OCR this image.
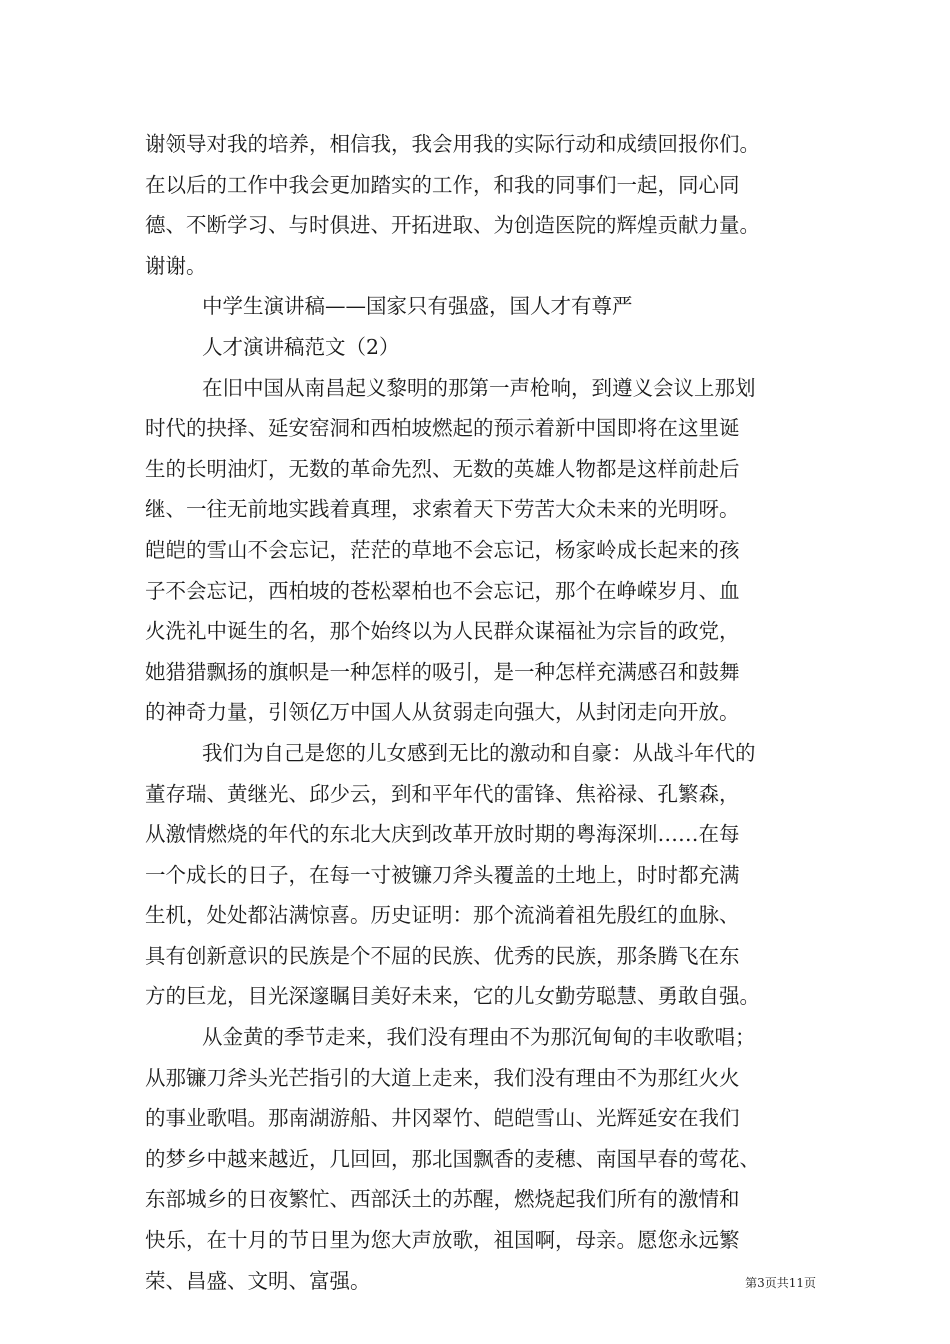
谢领导对我的培养，相信我，我会用我的实际行动和成绩回报你们。
在以后的工作中我会更加踏实的工作，和我的同事们一起，同心同
德、不断学习、与时俱进、开拓进取、为创造医院的辉煌贡献力量。
谢谢。
中学生演讲稿——国家只有强盛，国人才有尊严
人才演讲稿范文（2）
在旧中国从南昌起义黎明的那第一声枪响，到遵义会议上那划
时代的抉择、延安窑洞和西柏坡燃起的预示着新中国即将在这里诞
生的长明油灯，无数的革命先烈、无数的英雄人物都是这样前赴后
继、一往无前地实践着真理，求索着天下劳苦大众未来的光明呀。
皑皑的雪山不会忘记，茫茫的草地不会忘记，杨家岭成长起来的孩
子不会忘记，西柏坡的苍松翠柏也不会忘记，那个在峥嵘岁月、血
火洗礼中诞生的名，那个始终以为人民群众谋福祉为宗旨的政党，
她猎猎飘扬的旗帜是一种怎样的吸引，是一种怎样充满感召和鼓舞
的神奇力量，引领亿万中国人从贫弱走向强大，从封闭走向开放。
我们为自己是您的儿女感到无比的激动和自豪：从战斗年代的
董存瑞、黄继光、邱少云，到和平年代的雷锋、焦裕禄、孔繁森，
从激情燃烧的年代的东北大庆到改革开放时期的粤海深圳……在每
一个成长的日子，在每一寸被镰刀斧头覆盖的土地上，时时都充满
生机，处处都沾满惊喜。历史证明：那个流淌着祖先殷红的血脉、
具有创新意识的民族是个不屈的民族、优秀的民族，那条腾飞在东
方的巨龙，目光深邃瞩目美好未来，它的儿女勤劳聪慧、勇敢自强。
从金黄的季节走来，我们没有理由不为那沉甸甸的丰收歌唱；
从那镰刀斧头光芒指引的大道上走来，我们没有理由不为那红火火
的事业歌唱。那南湖游船、井冈翠竹、皑皑雪山、光辉延安在我们
的梦乡中越来越近，几回回，那北国飘香的麦穗、南国早春的莺花、
东部城乡的日夜繁忙、西部沃土的苏醒，燃烧起我们所有的激情和
快乐，在十月的节日里为您大声放歌，祖国啊，母亲。愿您永远繁
荣、昌盛、文明、富强。	第3页共11页
